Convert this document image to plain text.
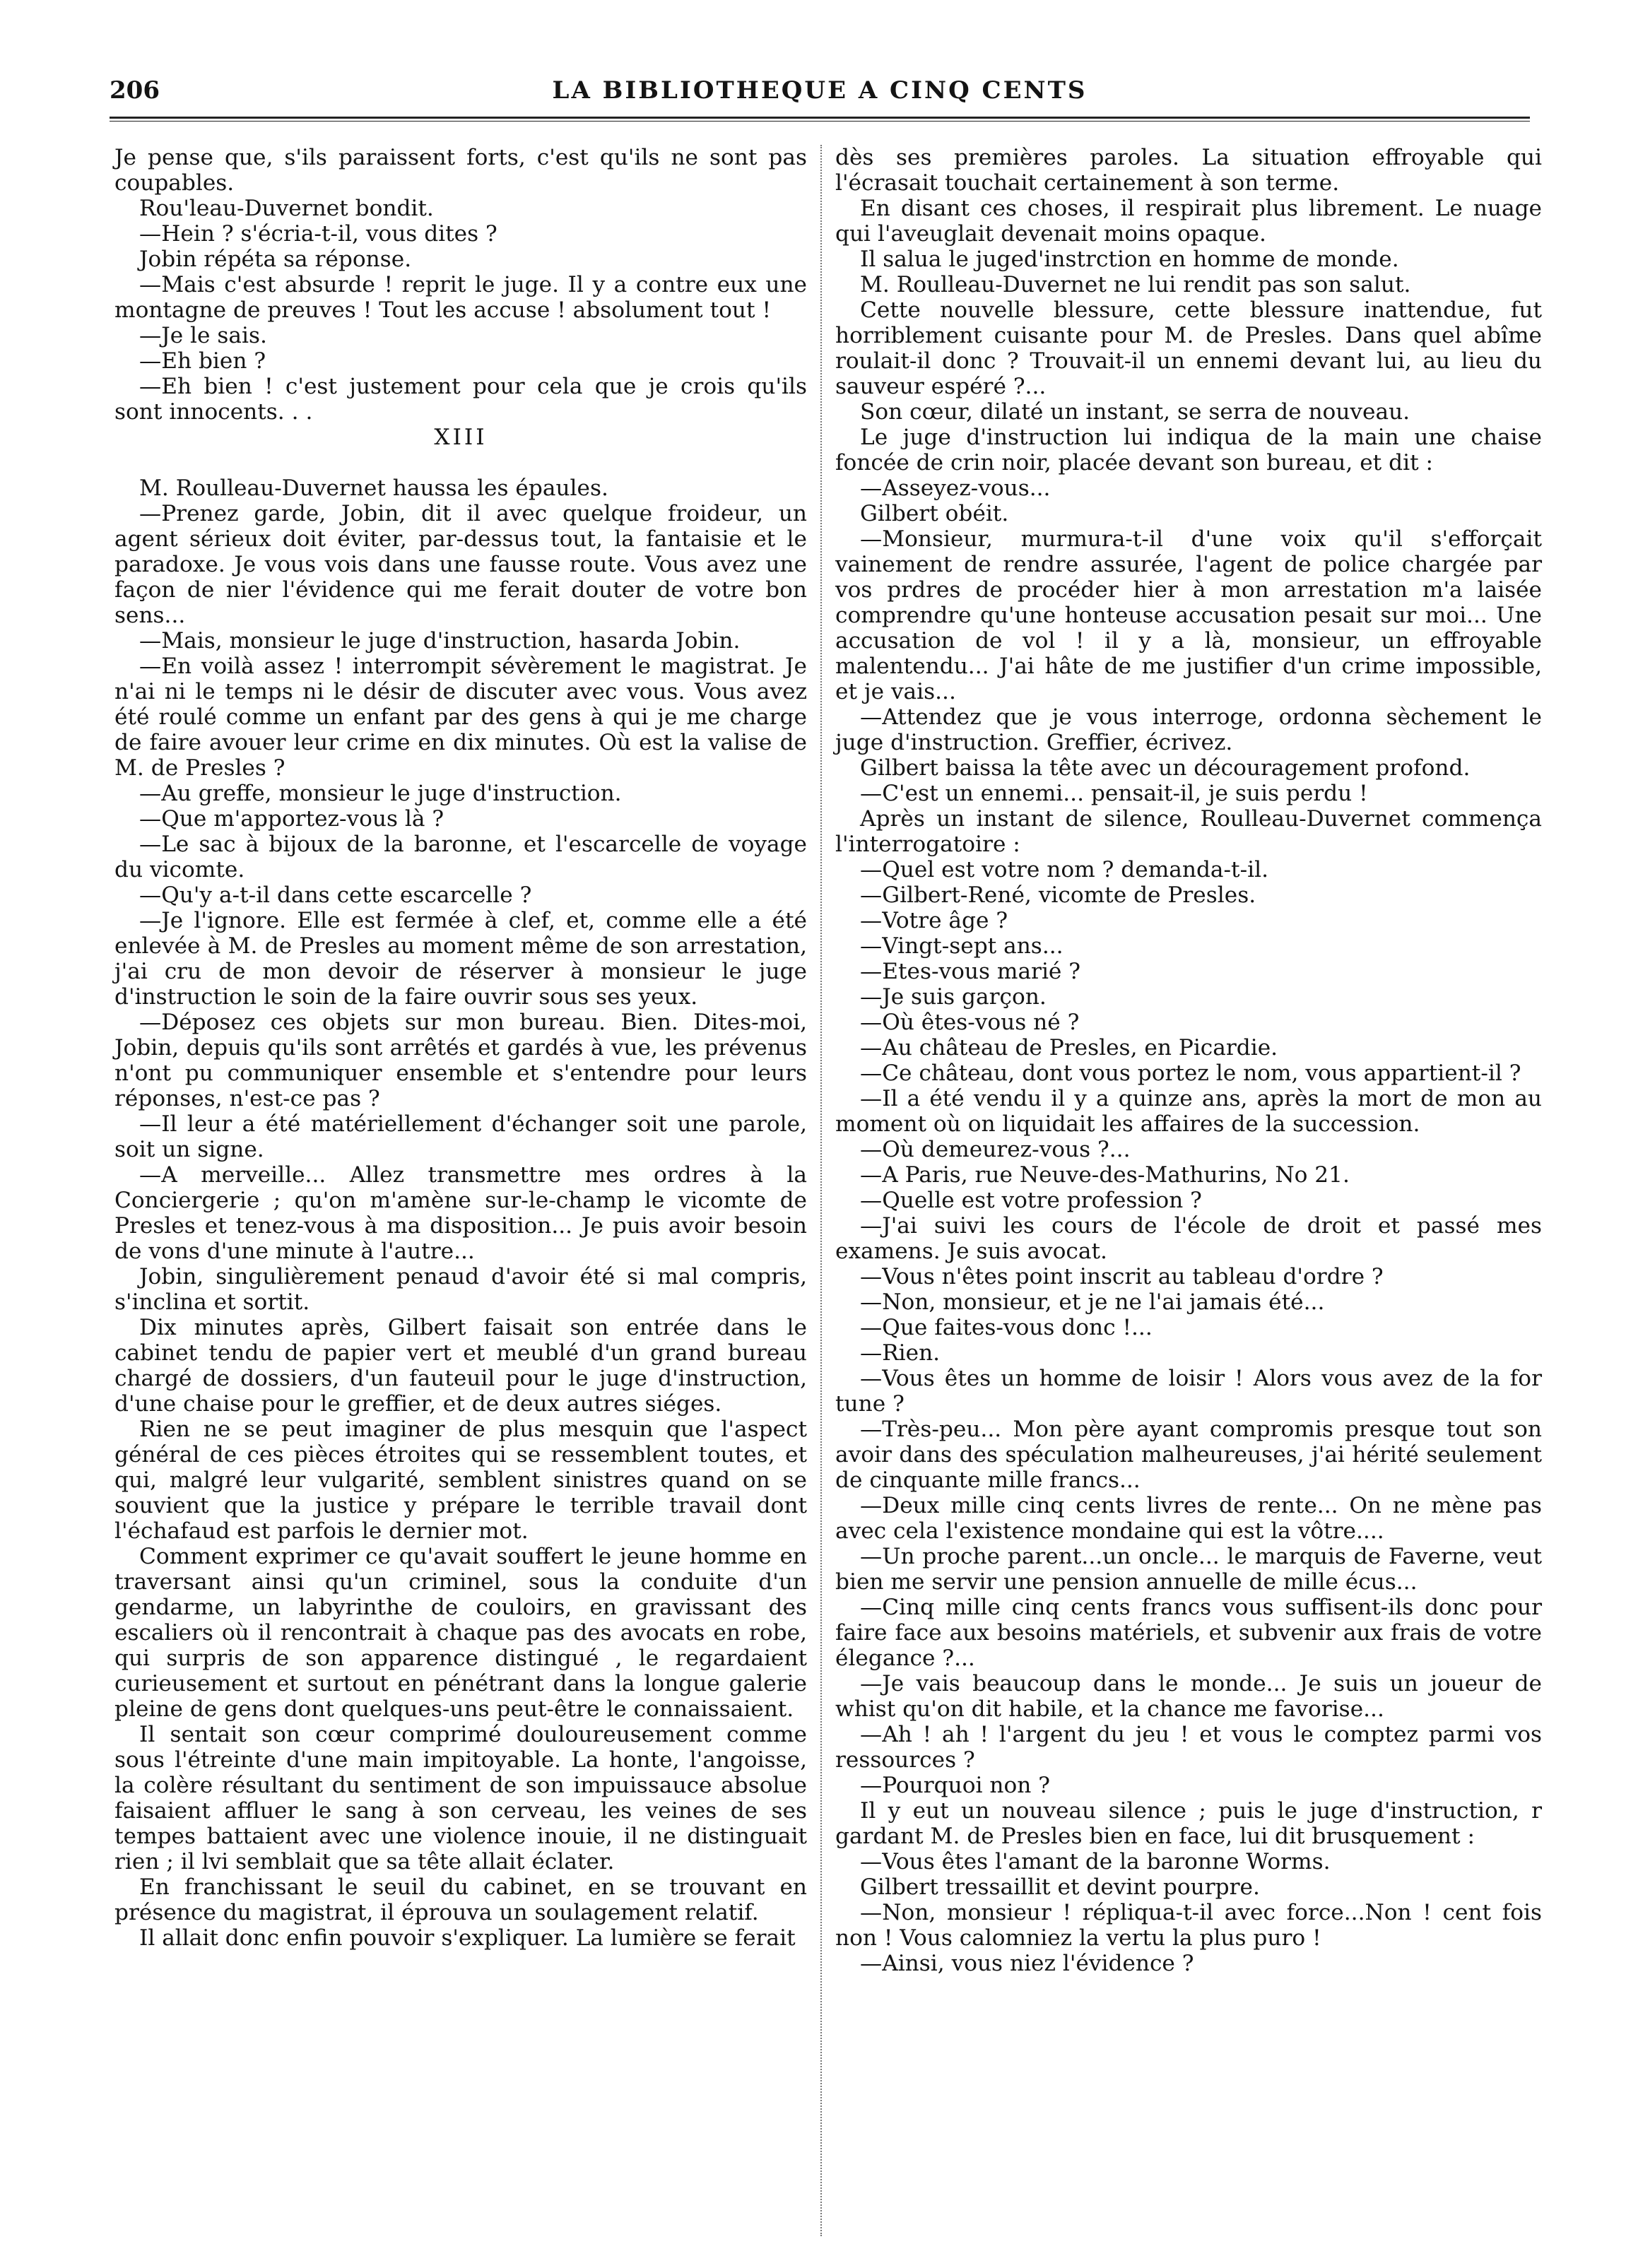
206	LA BIBLIOTHEQUE A CINQ CENTS

Je pense que, s'ils paraissent forts, c'est qu'ils ne sont pas coupables.

Rou'leau-Duvernet bondit.

—Hein ? s'écria-t-il, vous dites ?

Jobin répéta sa réponse.

—Mais c'est absurde ! reprit le juge. Il y a contre eux une montagne de preuves ! Tout les accuse ! absolument tout !

—Je le sais.

—Eh bien ?

—Eh bien ! c'est justement pour cela que je crois qu'ils sont innocents. . .

XIII

M. Roulleau-Duvernet haussa les épaules.

—Prenez garde, Jobin, dit il avec quelque froideur, un agent sérieux doit éviter, par-dessus tout, la fantaisie et le paradoxe. Je vous vois dans une fausse route. Vous avez une façon de nier l'évidence qui me ferait douter de votre bon sens...

—Mais, monsieur le juge d'instruction, hasarda Jobin.

—En voilà assez ! interrompit sévèrement le magistrat. Je n'ai ni le temps ni le désir de discuter avec vous. Vous avez été roulé comme un enfant par des gens à qui je me charge de faire avouer leur crime en dix minutes. Où est la valise de M. de Presles ?

—Au greffe, monsieur le juge d'instruction.

—Que m'apportez-vous là ?

—Le sac à bijoux de la baronne, et l'escarcelle de voyage du vicomte.

—Qu'y a-t-il dans cette escarcelle ?

—Je l'ignore. Elle est fermée à clef, et, comme elle a été enlevée à M. de Presles au moment même de son arrestation, j'ai cru de mon devoir de réserver à monsieur le juge d'instruction le soin de la faire ouvrir sous ses yeux.

—Déposez ces objets sur mon bureau. Bien. Dites-moi, Jobin, depuis qu'ils sont arrêtés et gardés à vue, les prévenus n'ont pu communiquer ensemble et s'entendre pour leurs réponses, n'est-ce pas ?

—Il leur a été matériellement d'échanger soit une parole, soit un signe.

—A merveille... Allez transmettre mes ordres à la Conciergerie ; qu'on m'amène sur-le-champ le vicomte de Presles et tenez-vous à ma disposition... Je puis avoir besoin de vons d'une minute à l'autre...

Jobin, singulièrement penaud d'avoir été si mal compris, s'inclina et sortit.

Dix minutes après, Gilbert faisait son entrée dans le cabinet tendu de papier vert et meublé d'un grand bureau chargé de dossiers, d'un fauteuil pour le juge d'instruction, d'une chaise pour le greffier, et de deux autres siéges.

Rien ne se peut imaginer de plus mesquin que l'aspect général de ces pièces étroites qui se ressemblent toutes, et qui, malgré leur vulgarité, semblent sinistres quand on se souvient que la justice y prépare le terrible travail dont l'échafaud est parfois le dernier mot.

Comment exprimer ce qu'avait souffert le jeune homme en traversant ainsi qu'un criminel, sous la conduite d'un gendarme, un labyrinthe de couloirs, en gravissant des escaliers où il rencontrait à chaque pas des avocats en robe, qui surpris de son apparence distingué , le regardaient curieusement et surtout en pénétrant dans la longue galerie pleine de gens dont quelques-uns peut-être le connaissaient.

Il sentait son cœur comprimé douloureusement comme sous l'étreinte d'une main impitoyable. La honte, l'angoisse, la colère résultant du sentiment de son impuissauce absolue faisaient affluer le sang à son cerveau, les veines de ses tempes battaient avec une violence inouie, il ne distinguait rien ; il lvi semblait que sa tête allait éclater.

En franchissant le seuil du cabinet, en se trouvant en présence du magistrat, il éprouva un soulagement relatif.

Il allait donc enfin pouvoir s'expliquer. La lumière se ferait

dès ses premières paroles. La situation effroyable qui l'écrasait touchait certainement à son terme.

En disant ces choses, il respirait plus librement. Le nuage qui l'aveuglait devenait moins opaque.

Il salua le juged'instrction en homme de monde.

M. Roulleau-Duvernet ne lui rendit pas son salut.

Cette nouvelle blessure, cette blessure inattendue, fut horriblement cuisante pour M. de Presles. Dans quel abîme roulait-il donc ? Trouvait-il un ennemi devant lui, au lieu du sauveur espéré ?...

Son cœur, dilaté un instant, se serra de nouveau.

Le juge d'instruction lui indiqua de la main une chaise foncée de crin noir, placée devant son bureau, et dit :

—Asseyez-vous...

Gilbert obéit.

—Monsieur, murmura-t-il d'une voix qu'il s'efforçait vainement de rendre assurée, l'agent de police chargée par vos prdres de procéder hier à mon arrestation m'a laisée comprendre qu'une honteuse accusation pesait sur moi... Une accusation de vol ! il y a là, monsieur, un effroyable malentendu... J'ai hâte de me justifier d'un crime impossible, et je vais...

—Attendez que je vous interroge, ordonna sèchement le juge d'instruction. Greffier, écrivez.

Gilbert baissa la tête avec un découragement profond.

—C'est un ennemi... pensait-il, je suis perdu !

Après un instant de silence, Roulleau-Duvernet commença l'interrogatoire :

—Quel est votre nom ? demanda-t-il.

—Gilbert-René, vicomte de Presles.

—Votre âge ?

—Vingt-sept ans...

—Etes-vous marié ?

—Je suis garçon.

—Où êtes-vous né ?

—Au château de Presles, en Picardie.

—Ce château, dont vous portez le nom, vous appartient-il ?

—Il a été vendu il y a quinze ans, après la mort de mon au moment où on liquidait les affaires de la succession.

—Où demeurez-vous ?...

—A Paris, rue Neuve-des-Mathurins, No 21.

—Quelle est votre profession ?

—J'ai suivi les cours de l'école de droit et passé mes examens. Je suis avocat.

—Vous n'êtes point inscrit au tableau d'ordre ?

—Non, monsieur, et je ne l'ai jamais été...

—Que faites-vous donc !...

—Rien.

—Vous êtes un homme de loisir ! Alors vous avez de la for tune ?

—Très-peu... Mon père ayant compromis presque tout son avoir dans des spéculation malheureuses, j'ai hérité seulement de cinquante mille francs...

—Deux mille cinq cents livres de rente... On ne mène pas avec cela l'existence mondaine qui est la vôtre....

—Un proche parent...un oncle... le marquis de Faverne, veut bien me servir une pension annuelle de mille écus...

—Cinq mille cinq cents francs vous suffisent-ils donc pour faire face aux besoins matériels, et subvenir aux frais de votre élegance ?...

—Je vais beaucoup dans le monde... Je suis un joueur de whist qu'on dit habile, et la chance me favorise...

—Ah ! ah ! l'argent du jeu ! et vous le comptez parmi vos ressources ?

—Pourquoi non ?

Il y eut un nouveau silence ; puis le juge d'instruction, r gardant M. de Presles bien en face, lui dit brusquement :

—Vous êtes l'amant de la baronne Worms.

Gilbert tressaillit et devint pourpre.

—Non, monsieur ! répliqua-t-il avec force...Non ! cent fois non ! Vous calomniez la vertu la plus puro !

—Ainsi, vous niez l'évidence ?
